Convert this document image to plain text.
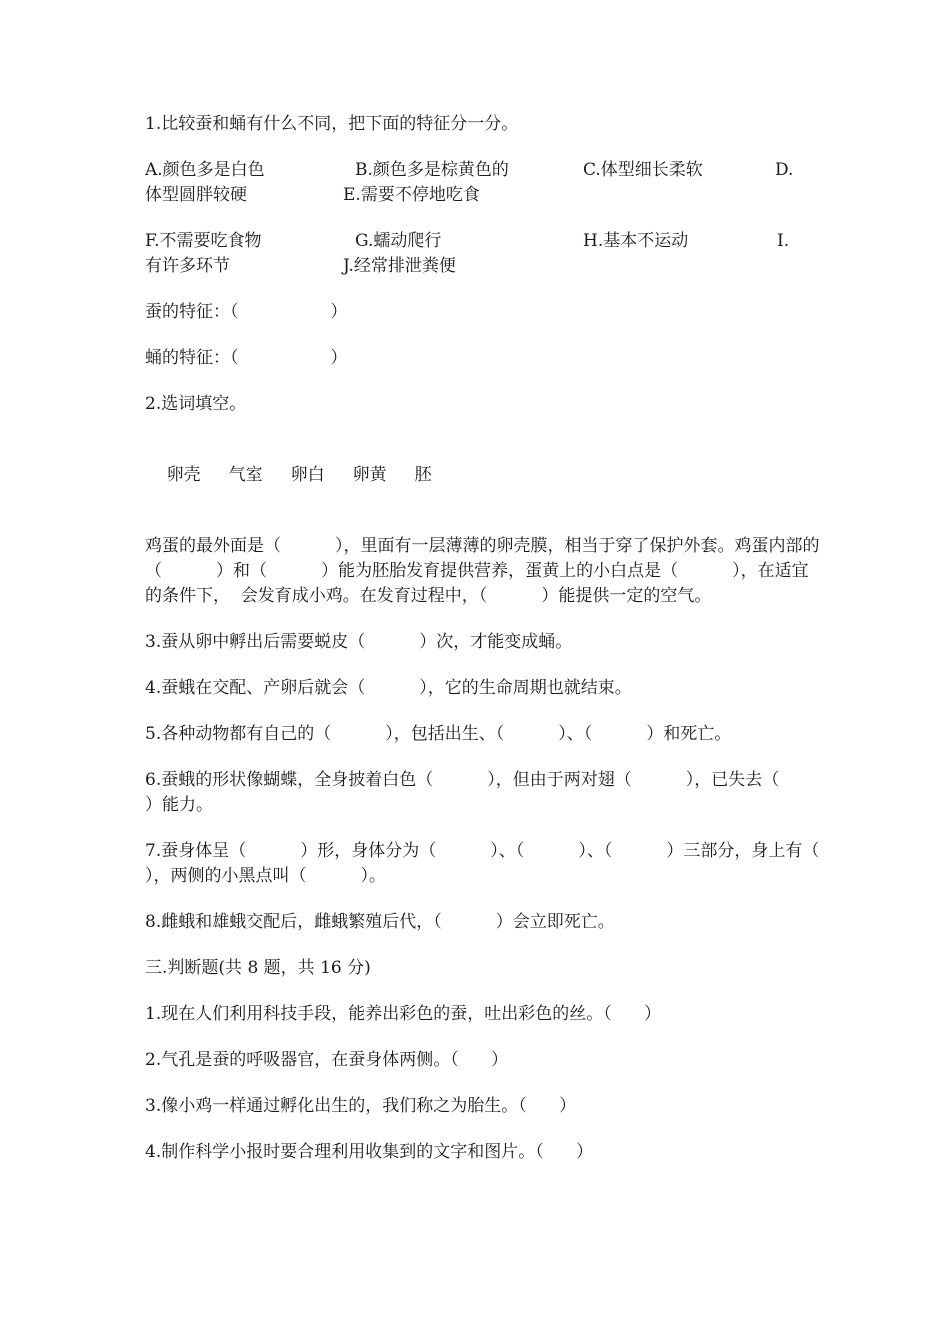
1.比较蚕和蛹有什么不同，把下面的特征分一分。

A.颜色多是白色	B.颜色多是棕黄色的	C.体型细长柔软	D.
体型圆胖较硬	E.需要不停地吃食
F.不需要吃食物	G.蠕动爬行	H.基本不运动	I.
有许多环节	J.经常排泄粪便

蚕的特征：（                 ）

蛹的特征：（                 ）

2.选词填空。

卵壳 气室 卵白 卵黄 胚

鸡蛋的最外面是（          ），里面有一层薄薄的卵壳膜，相当于穿了保护外套。鸡蛋内部的（          ）和（          ）能为胚胎发育提供营养，蛋黄上的小白点是（          ），在适宜的条件下，  会发育成小鸡。在发育过程中，（          ）能提供一定的空气。

3.蚕从卵中孵出后需要蜕皮（          ）次，才能变成蛹。

4.蚕蛾在交配、产卵后就会（          ），它的生命周期也就结束。

5.各种动物都有自己的（          ），包括出生、（          ）、（          ）和死亡。

6.蚕蛾的形状像蝴蝶，全身披着白色（          ），但由于两对翅（          ），已失去（          ）能力。

7.蚕身体呈（          ）形，身体分为（          ）、（          ）、（          ）三部分，身上有（          ），两侧的小黑点叫（          ）。

8.雌蛾和雄蛾交配后，雌蛾繁殖后代，（          ）会立即死亡。

三.判断题(共 8 题，共 16 分)

1.现在人们利用科技手段，能养出彩色的蚕，吐出彩色的丝。（      ）

2.气孔是蚕的呼吸器官，在蚕身体两侧。（      ）

3.像小鸡一样通过孵化出生的，我们称之为胎生。（      ）

4.制作科学小报时要合理利用收集到的文字和图片。（      ）
